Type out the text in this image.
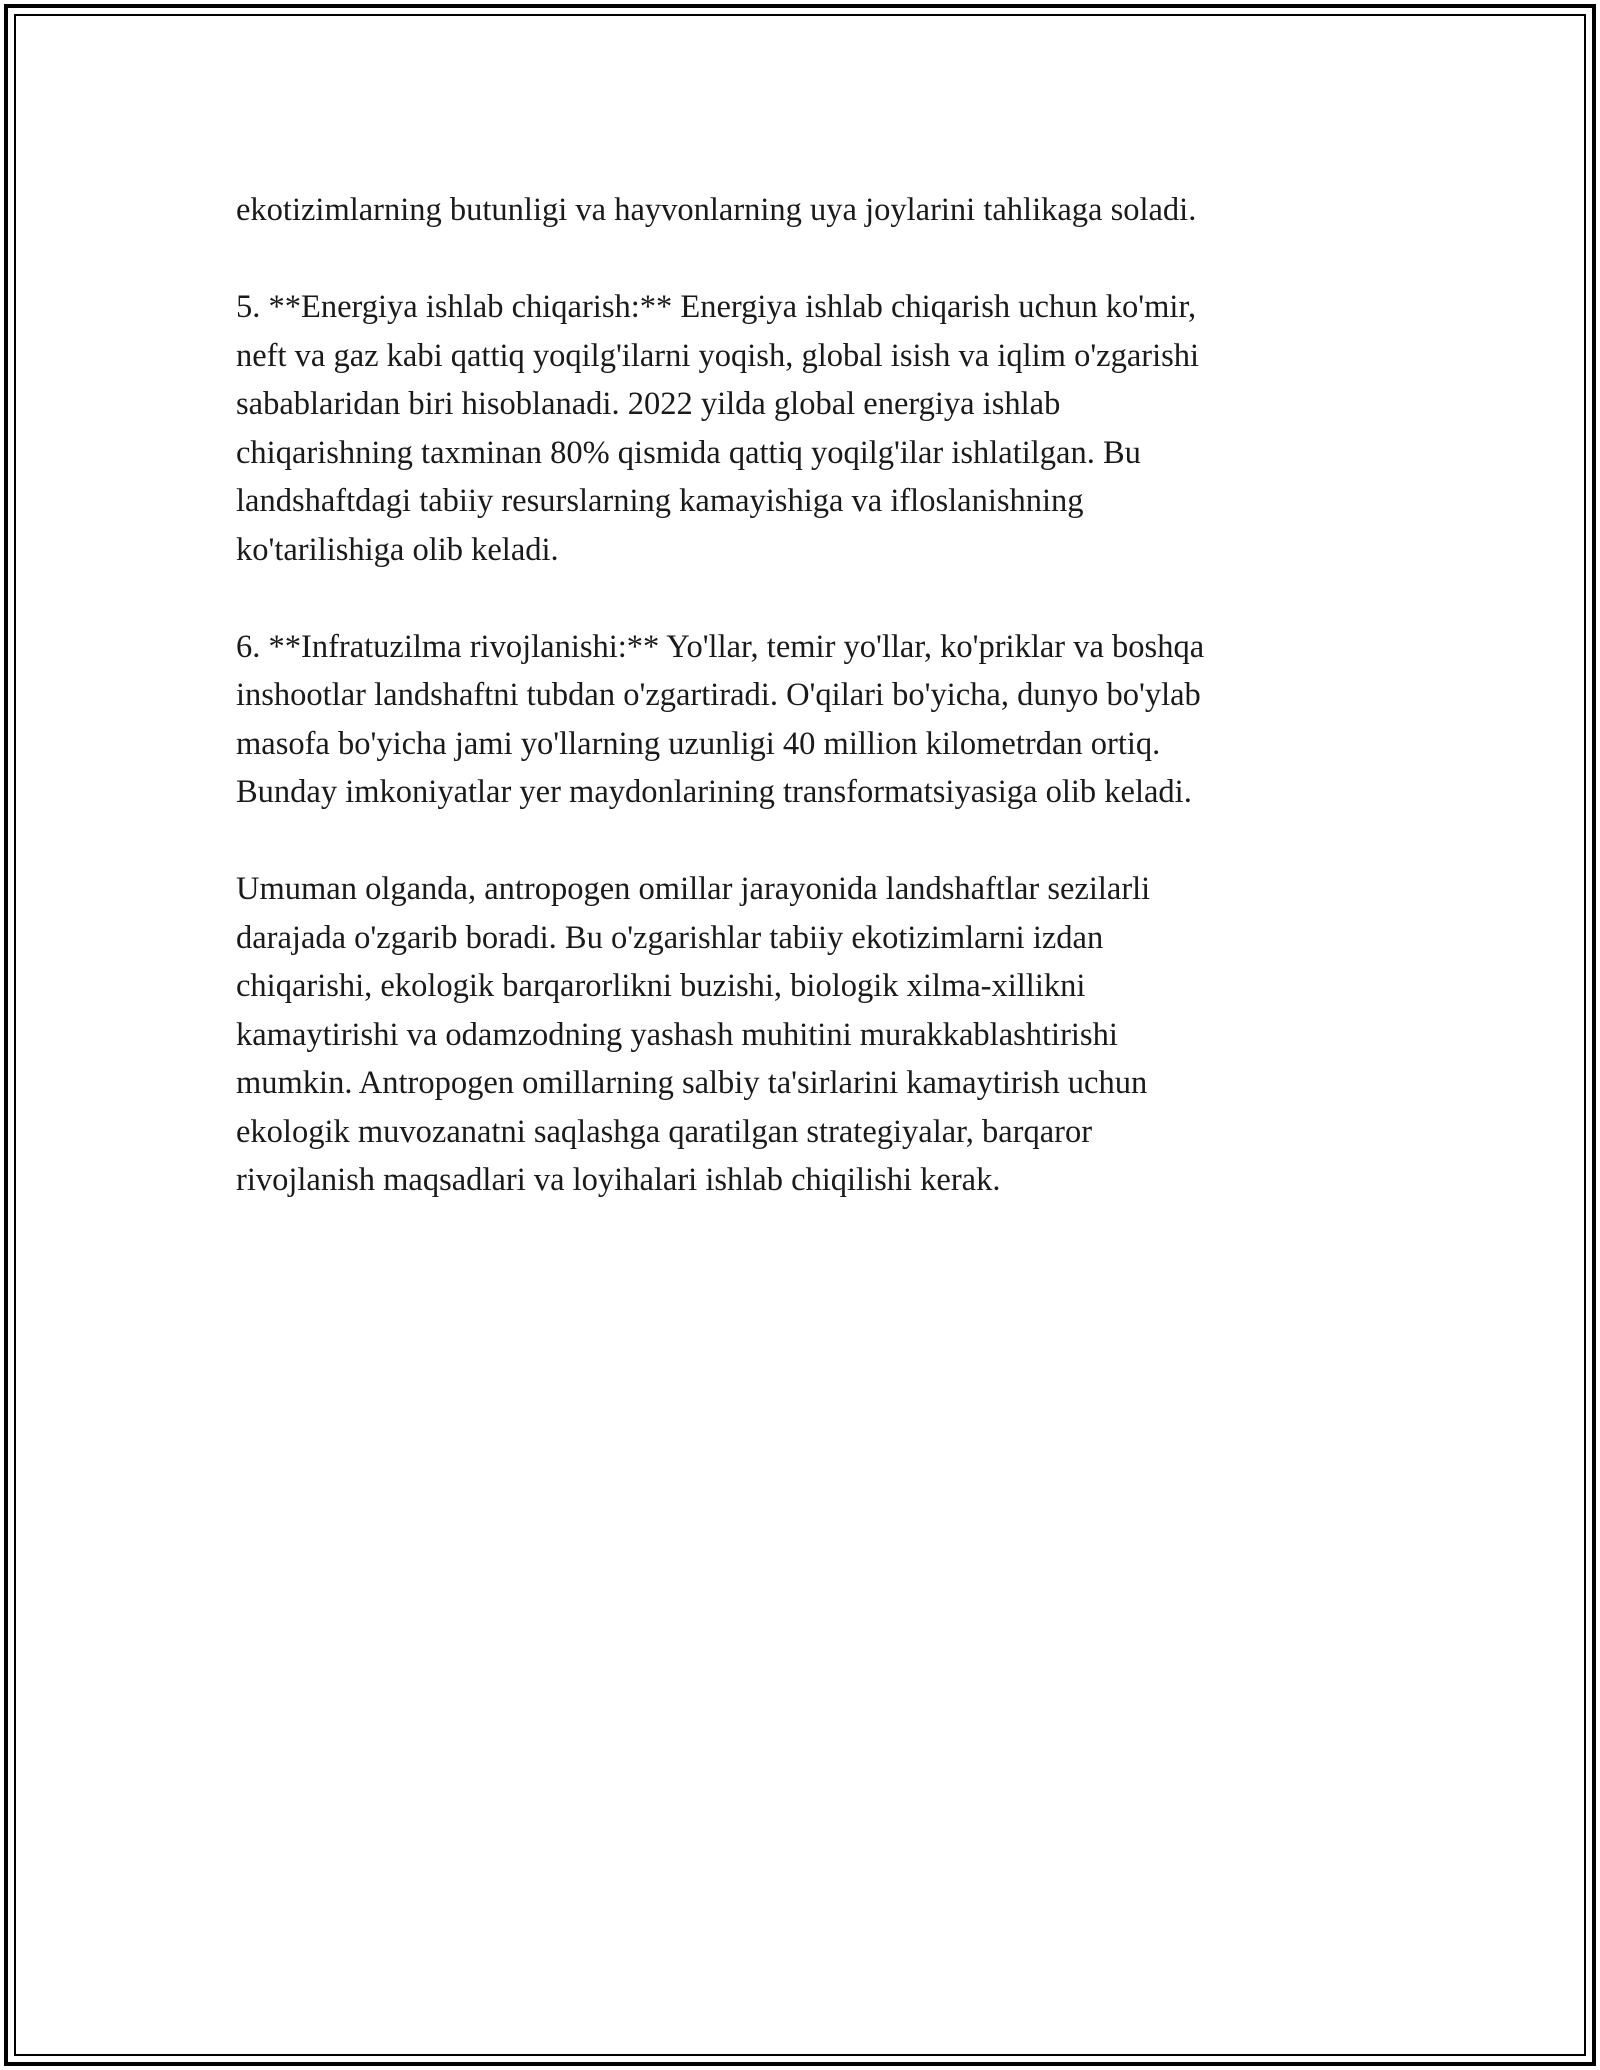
ekotizimlarning butunligi va hayvonlarning uya joylarini tahlikaga soladi.

5. **Energiya ishlab chiqarish:** Energiya ishlab chiqarish uchun ko'mir,
neft va gaz kabi qattiq yoqilg'ilarni yoqish, global isish va iqlim o'zgarishi
sabablaridan biri hisoblanadi. 2022 yilda global energiya ishlab
chiqarishning taxminan 80% qismida qattiq yoqilg'ilar ishlatilgan. Bu
landshaftdagi tabiiy resurslarning kamayishiga va ifloslanishning
ko'tarilishiga olib keladi.

6. **Infratuzilma rivojlanishi:** Yo'llar, temir yo'llar, ko'priklar va boshqa
inshootlar landshaftni tubdan o'zgartiradi. O'qilari bo'yicha, dunyo bo'ylab
masofa bo'yicha jami yo'llarning uzunligi 40 million kilometrdan ortiq.
Bunday imkoniyatlar yer maydonlarining transformatsiyasiga olib keladi.

Umuman olganda, antropogen omillar jarayonida landshaftlar sezilarli
darajada o'zgarib boradi. Bu o'zgarishlar tabiiy ekotizimlarni izdan
chiqarishi, ekologik barqarorlikni buzishi, biologik xilma-xillikni
kamaytirishi va odamzodning yashash muhitini murakkablashtirishi
mumkin. Antropogen omillarning salbiy ta'sirlarini kamaytirish uchun
ekologik muvozanatni saqlashga qaratilgan strategiyalar, barqaror
rivojlanish maqsadlari va loyihalari ishlab chiqilishi kerak.
